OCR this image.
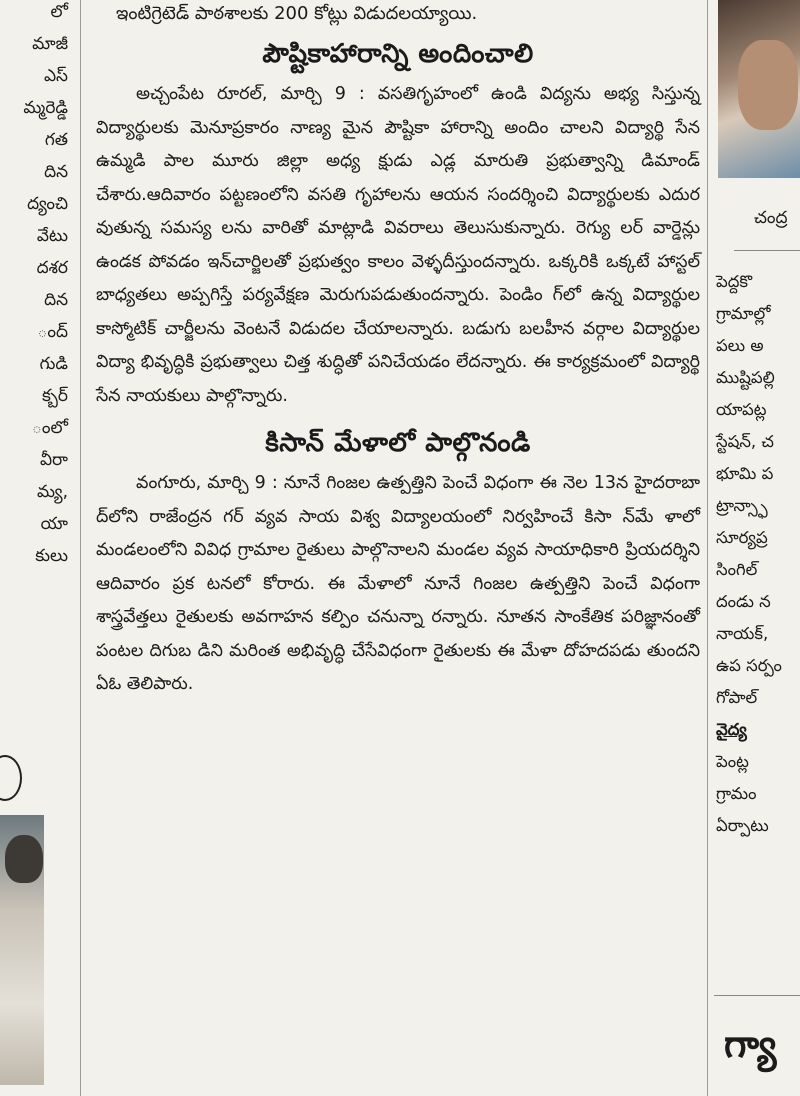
లో
మాజీ
ఎస్
మ్మరెడ్డి
గత
దిన
ద్యంచి
వేటు
దశర
దిన
ంద్
గుడి
క్బర్
ంలో
వీరా
మ్య,
యా
కులు
ఇంటిగ్రెటెడ్ పాఠశాలకు 200 కోట్లు విడుదలయ్యాయి.
పౌష్టికాహారాన్ని అందించాలి

అచ్చంపేట రూరల్, మార్చి 9 : వసతిగృహంలో ఉండి విద్యను అభ్య సిస్తున్న విద్యార్థులకు మెనూప్రకారం నాణ్య మైన పౌష్టికా హారాన్ని అందిం చాలని విద్యార్థి సేన ఉమ్మడి పాల మూరు జిల్లా అధ్య క్షుడు ఎడ్ల మారుతి ప్రభుత్వాన్ని డిమాండ్ చేశారు.ఆదివారం పట్టణంలోని వసతి గృహాలను ఆయన సందర్శించి విద్యార్థులకు ఎదుర వుతున్న సమస్య లను వారితో మాట్లాడి వివరాలు తెలుసుకున్నారు. రెగ్యు లర్ వార్డెన్లు ఉండక పోవడం ఇన్‌చార్జిలతో ప్రభుత్వం కాలం వెళ్ళదీస్తుందన్నారు. ఒక్కరికి ఒక్కటే హాస్టల్ బాధ్యతలు అప్పగిస్తే పర్యవేక్షణ మెరుగుపడుతుందన్నారు. పెండిం గ్‌లో ఉన్న విద్యార్థుల కాస్మోటిక్ చార్జీలను వెంటనే విడుదల చేయాలన్నారు. బడుగు బలహీన వర్గాల విద్యార్థుల విద్యా భివృద్ధికి ప్రభుత్వాలు చిత్త శుద్ధితో పనిచేయడం లేదన్నారు. ఈ కార్యక్రమంలో విద్యార్థి సేన నాయకులు పాల్గొన్నారు.

కిసాన్ మేళాలో పాల్గొనండి

వంగూరు, మార్చి 9 : నూనే గింజల ఉత్పత్తిని పెంచే విధంగా ఈ నెల 13న హైదరాబా ద్‌లోని రాజేంద్రన గర్ వ్యవ సాయ విశ్వ విద్యాలయంలో నిర్వహించే కిసా న్‌మే ళాలో మండలంలోని వివిధ గ్రామాల రైతులు పాల్గొనాలని మండల వ్యవ సాయాధికారి ప్రియదర్శిని ఆదివారం ప్రక టనలో కోరారు. ఈ మేళాలో నూనే గింజల ఉత్పత్తిని పెంచే విధంగా శాస్త్రవేత్తలు రైతులకు అవగాహన కల్పిం చనున్నా రన్నారు. నూతన సాంకేతిక పరిజ్ఞానంతో పంటల దిగుబ డిని మరింత అభివృద్ధి చేసేవిధంగా రైతులకు ఈ మేళా దోహదపడు తుందని ఏఓ తెలిపారు.

చంద్ర
పెద్దకొ
గ్రామాల్లో
పలు అ
ముష్టిపల్లి
యాపట్ల
స్టేషన్, చ
భూమి ప
ట్రాన్స్ఫా
సూర్యప్ర
సింగిల్
దండు న
నాయక్,
ఉప సర్పం
గోపాల్
వైద్య
పెంట్ల
గ్రామం
ఏర్పాటు
గ్యా
